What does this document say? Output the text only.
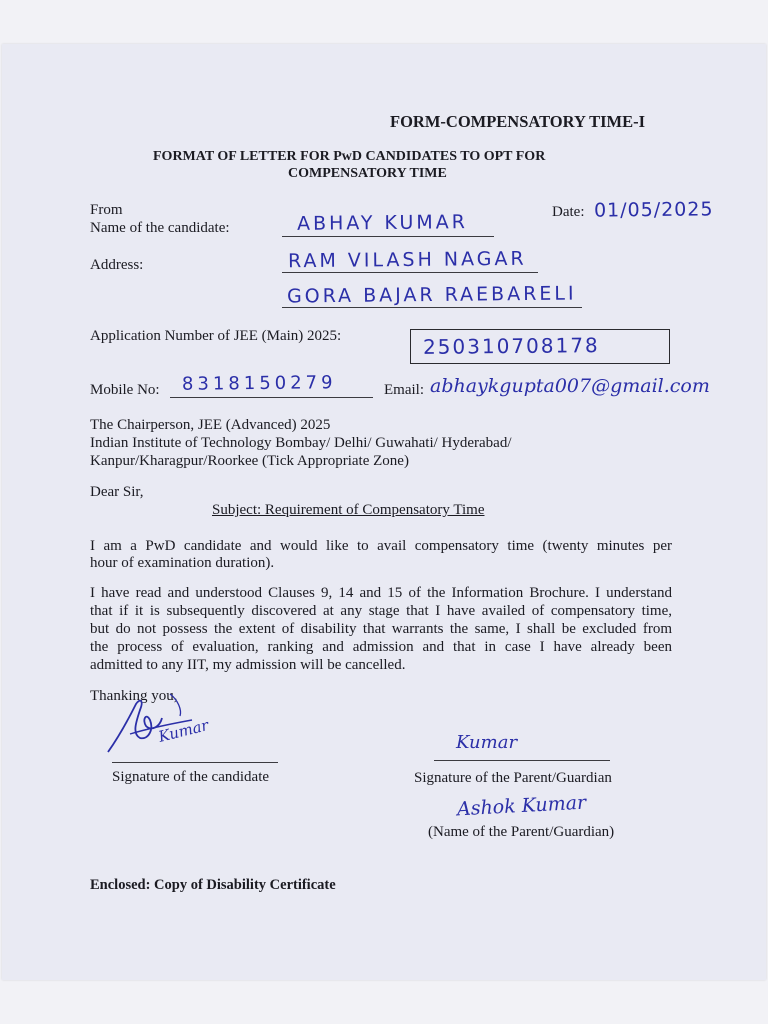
FORM-COMPENSATORY TIME-I
FORMAT OF LETTER FOR PwD CANDIDATES TO OPT FOR
COMPENSATORY TIME
From	Date: 01/05/2025
Name of the candidate:	ABHAY KUMAR
Address:	RAM VILASH NAGAR
GORA BAJAR RAEBARELI
Application Number of JEE (Main) 2025:	250310708178
Mobile No: 8318150279	Email: abhaykgupta007@gmail.com
The Chairperson, JEE (Advanced) 2025
Indian Institute of Technology Bombay/ Delhi/ Guwahati/ Hyderabad/
Kanpur/Kharagpur/Roorkee (Tick Appropriate Zone)
Dear Sir,
Subject: Requirement of Compensatory Time
I am a PwD candidate and would like to avail compensatory time (twenty minutes per
hour of examination duration).
I have read and understood Clauses 9, 14 and 15 of the Information Brochure. I understand
that if it is subsequently discovered at any stage that I have availed of compensatory time,
but do not possess the extent of disability that warrants the same, I shall be excluded from
the process of evaluation, ranking and admission and that in case I have already been
admitted to any IIT, my admission will be cancelled.
Thanking you,
Kumar
Signature of the candidate
Kumar
Signature of the Parent/Guardian
Ashok Kumar
(Name of the Parent/Guardian)
Enclosed: Copy of Disability Certificate
